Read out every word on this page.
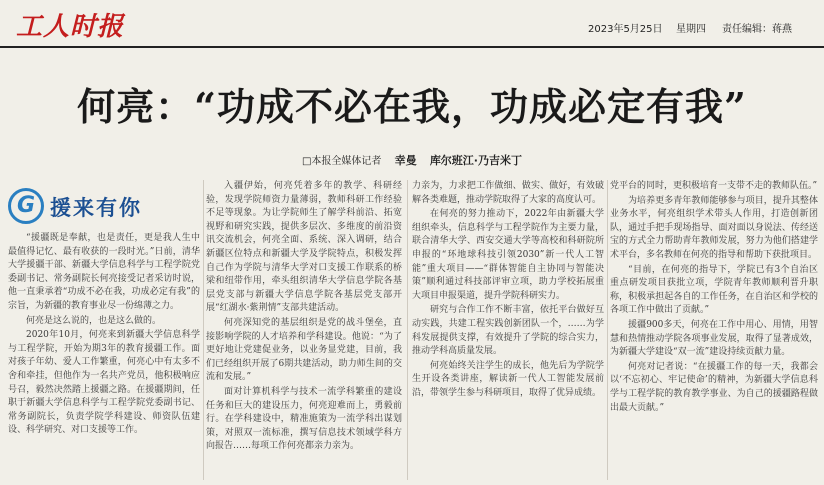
工人时报	2023年5月25日 星期四 责任编辑：蒋燕
何亮：“功成不必在我，功成必定有我”
□本报全媒体记者 幸曼 库尔班江·乃吉米丁
G 援来有你

“援疆既是奉献，也是责任，更是我人生中最值得记忆、最有收获的一段时光。”日前，清华大学援疆干部、新疆大学信息科学与工程学院党委副书记、常务副院长何亮接受记者采访时说，他一直秉承着“功成不必在我，功成必定有我”的宗旨，为新疆的教育事业尽一份绵薄之力。

何亮是这么说的，也是这么做的。

2020年10月，何亮来到新疆大学信息科学与工程学院，开始为期3年的教育援疆工作。面对孩子年幼、爱人工作繁重，何亮心中有太多不舍和牵挂，但他作为一名共产党员，他积极响应号召，毅然决然踏上援疆之路。在援疆期间，任职于新疆大学信息科学与工程学院党委副书记、常务副院长，负责学院学科建设、师资队伍建设、科学研究、对口支援等工作。

入疆伊始，何亮凭着多年的教学、科研经验，发现学院师资力量薄弱，教师科研工作经验不足等现象。为让学院师生了解学科前沿、拓宽视野和研究实践，提供多层次、多维度的前沿资讯交流机会，何亮全面、系统、深入调研，结合新疆区位特点和新疆大学及学院特点，积极发挥自己作为学院与清华大学对口支援工作联系的桥梁和纽带作用，牵头组织清华大学信息学院各基层党支部与新疆大学信息学院各基层党支部开展“红湖水·紫荆情”支部共建活动。

何亮深知党的基层组织是党的战斗堡垒，直接影响学院的人才培养和学科建设。他说：“为了更好地让党建促业务，以业务显党建，目前，我们已经组织开展了6期共建活动，助力师生间的交流和发展。”

面对计算机科学与技术一流学科繁重的建设任务和巨大的建设压力，何亮迎难而上，勇毅前行。在学科建设中，精准施策为一流学科出谋划策，对照双一流标准，撰写信息技术领域学科方向报告……每项工作何亮都亲力亲为。

力亲为，力求把工作做细、做实、做好，有效破解各类难题，推动学院取得了大家的高度认可。

在何亮的努力推动下，2022年由新疆大学组织牵头，信息科学与工程学院作为主要力量，联合清华大学、西安交通大学等高校和科研院所申报的“环地球科技引领2030”新一代人工智能”重大项目——“群体智能自主协同与智能决策”顺利通过科技部评审立项，助力学校拓展重大项目申报渠道，提升学院科研实力。

研究与合作工作不断丰富，依托平台做好互动实践，共建工程实践创新团队一个，……为学科发展提供支撑，有效提升了学院的综合实力，推动学科高质量发展。

何亮始终关注学生的成长，他先后为学院学生开设各类讲座，解读新一代人工智能发展前沿，带领学生参与科研项目，取得了优异成绩。

党平台的同时，更积极培育一支带不走的教师队伍。”

为培养更多青年教师能够参与项目，提升其整体业务水平，何亮组织学术带头人作用，打造创新团队，通过手把手现场指导、面对面以身说法、传经送宝的方式全力帮助青年教师发展，努力为他们搭建学术平台，多名教师在何亮的指导和帮助下获批项目。

“目前，在何亮的指导下，学院已有3个自治区重点研发项目获批立项，学院青年教师顺利晋升职称，积极承担起各自的工作任务，在自治区和学校的各项工作中做出了贡献。”

援疆900多天，何亮在工作中用心、用情，用智慧和热情推动学院各项事业发展，取得了显著成效，为新疆大学建设“双一流”建设持续贡献力量。

何亮对记者说：“在援疆工作的每一天，我都会以‘不忘初心、牢记使命’的精神，为新疆大学信息科学与工程学院的教育教学事业、为自己的援疆路程做出最大贡献。”
